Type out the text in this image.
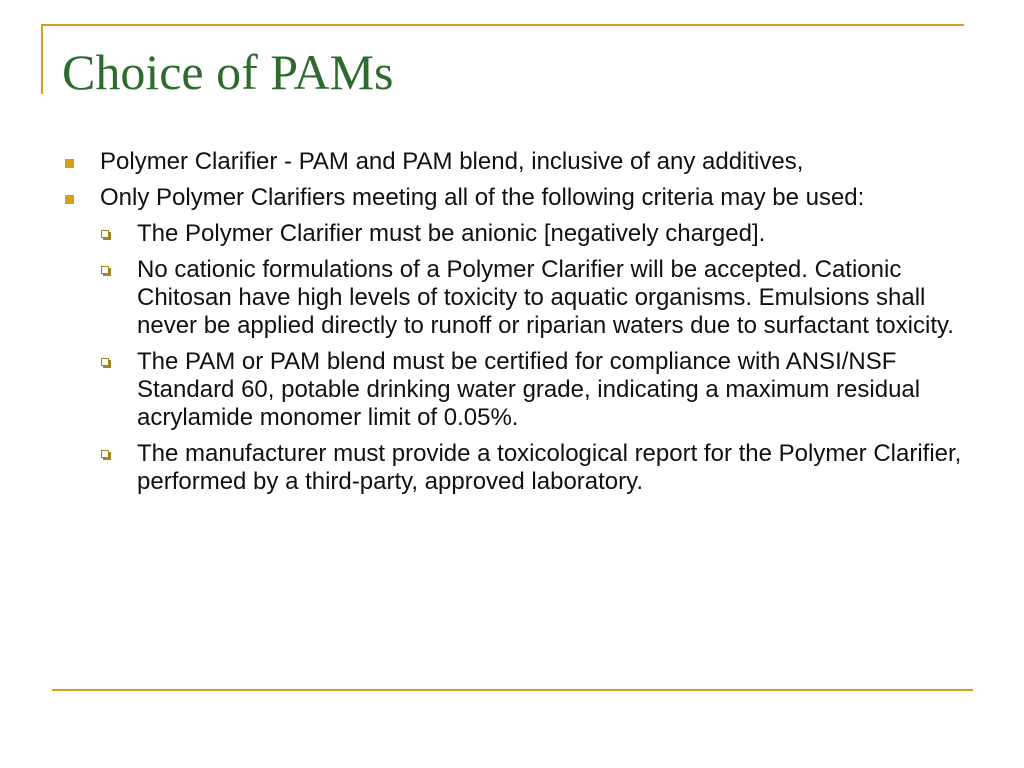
Choice of PAMs
Polymer Clarifier - PAM and PAM blend, inclusive of any additives,
Only Polymer Clarifiers meeting all of the following criteria may be used:
The Polymer Clarifier must be anionic [negatively charged].
No cationic formulations of a Polymer Clarifier will be accepted. Cationic Chitosan have high levels of toxicity to aquatic organisms. Emulsions shall never be applied directly to runoff or riparian waters due to surfactant toxicity.
The PAM or PAM blend must be certified for compliance with ANSI/NSF Standard 60, potable drinking water grade, indicating a maximum residual acrylamide monomer limit of 0.05%.
The manufacturer must provide a toxicological report for the Polymer Clarifier, performed by a third-party, approved laboratory.
